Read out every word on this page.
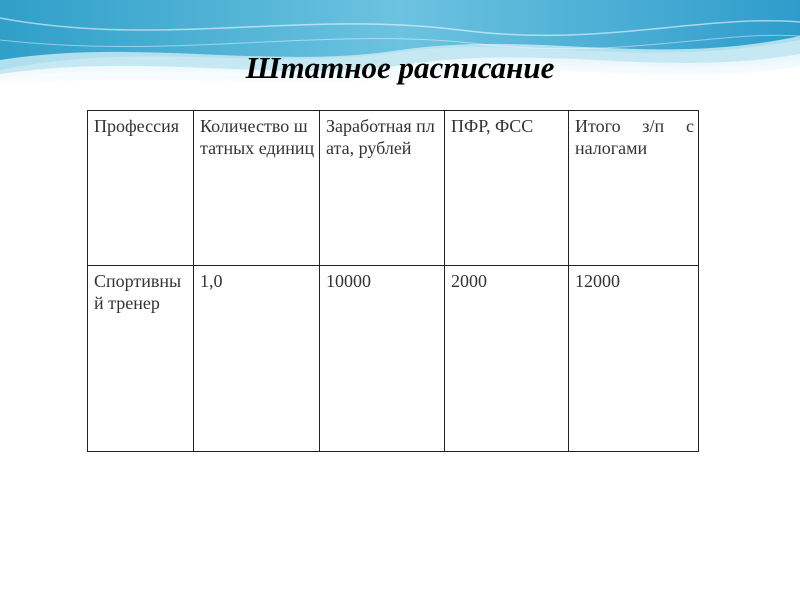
Штатное расписание
Профессия	Количество штатных единиц	Заработная плата, рублей	ПФР, ФСС	Итого з/п с налогами
Спортивный тренер	1,0	10000	2000	12000
